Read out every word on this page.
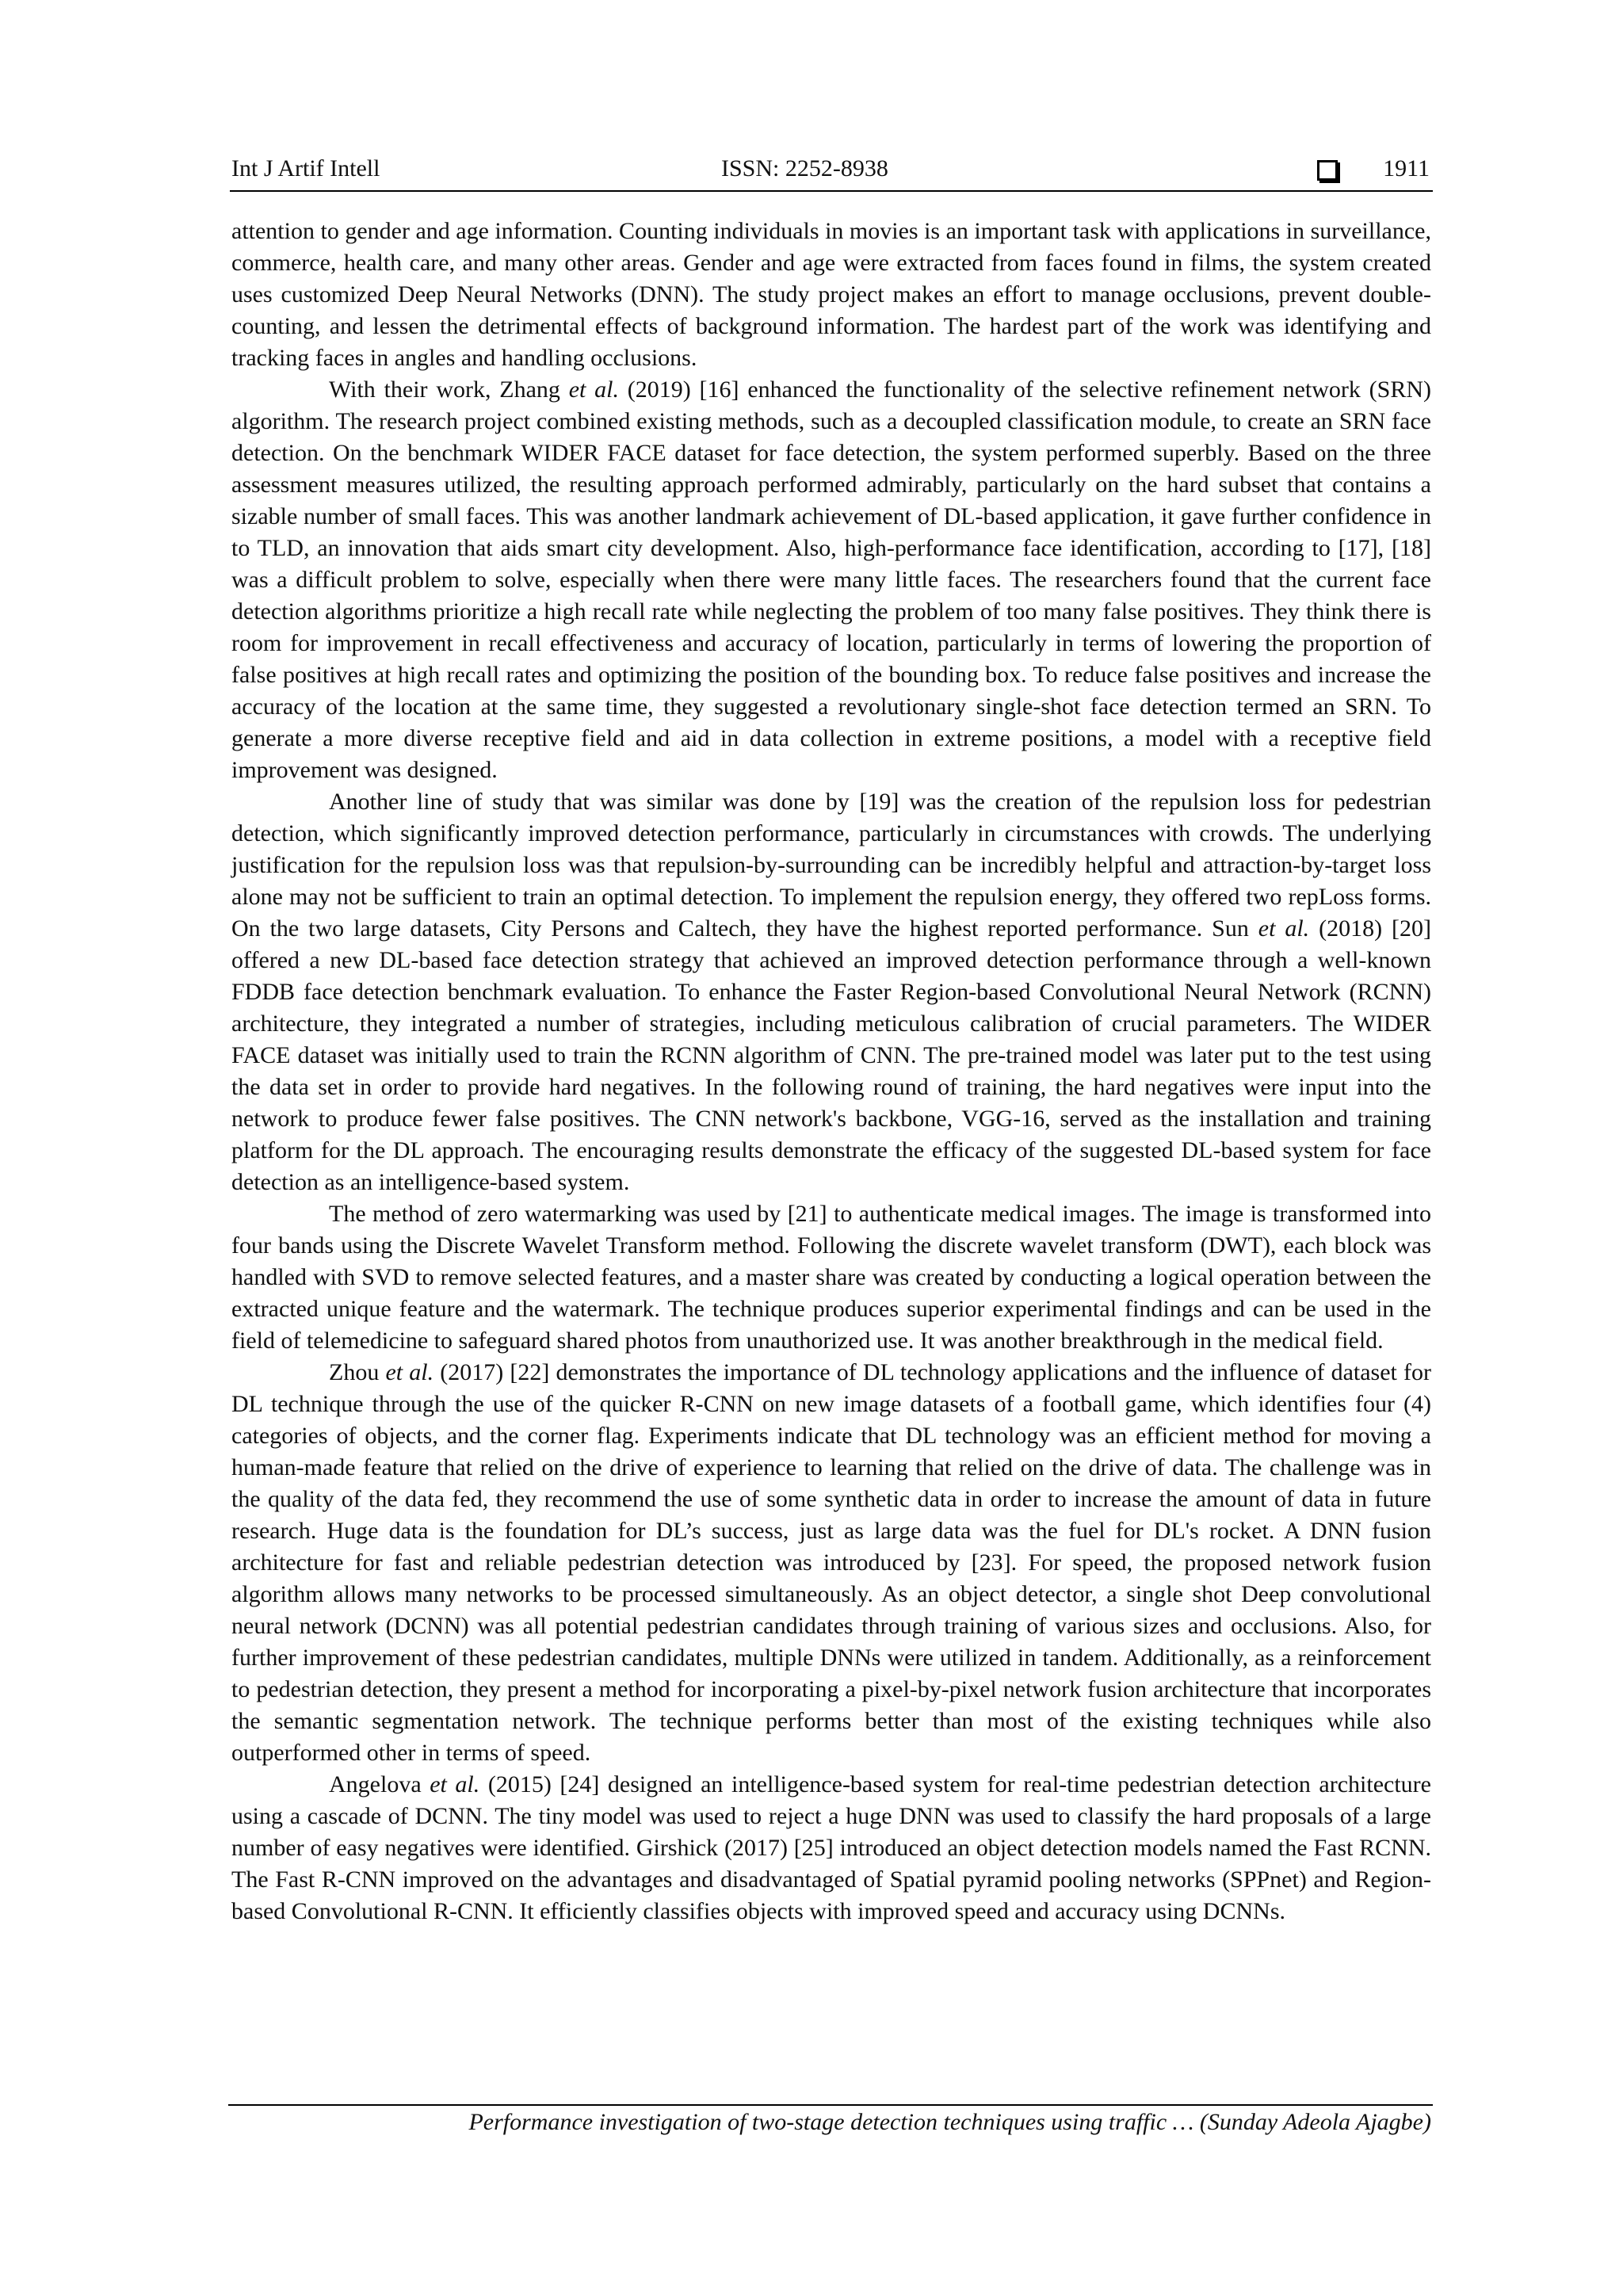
Int J Artif Intell	ISSN: 2252-8938	1911

attention to gender and age information. Counting individuals in movies is an important task with applications in surveillance, commerce, health care, and many other areas. Gender and age were extracted from faces found in films, the system created uses customized Deep Neural Networks (DNN). The study project makes an effort to manage occlusions, prevent double-counting, and lessen the detrimental effects of background information. The hardest part of the work was identifying and tracking faces in angles and handling occlusions.

With their work, Zhang et al. (2019) [16] enhanced the functionality of the selective refinement network (SRN) algorithm. The research project combined existing methods, such as a decoupled classification module, to create an SRN face detection. On the benchmark WIDER FACE dataset for face detection, the system performed superbly. Based on the three assessment measures utilized, the resulting approach performed admirably, particularly on the hard subset that contains a sizable number of small faces. This was another landmark achievement of DL-based application, it gave further confidence in to TLD, an innovation that aids smart city development. Also, high-performance face identification, according to [17], [18] was a difficult problem to solve, especially when there were many little faces. The researchers found that the current face detection algorithms prioritize a high recall rate while neglecting the problem of too many false positives. They think there is room for improvement in recall effectiveness and accuracy of location, particularly in terms of lowering the proportion of false positives at high recall rates and optimizing the position of the bounding box. To reduce false positives and increase the accuracy of the location at the same time, they suggested a revolutionary single-shot face detection termed an SRN. To generate a more diverse receptive field and aid in data collection in extreme positions, a model with a receptive field improvement was designed.

Another line of study that was similar was done by [19] was the creation of the repulsion loss for pedestrian detection, which significantly improved detection performance, particularly in circumstances with crowds. The underlying justification for the repulsion loss was that repulsion-by-surrounding can be incredibly helpful and attraction-by-target loss alone may not be sufficient to train an optimal detection. To implement the repulsion energy, they offered two repLoss forms. On the two large datasets, City Persons and Caltech, they have the highest reported performance. Sun et al. (2018) [20] offered a new DL-based face detection strategy that achieved an improved detection performance through a well-known FDDB face detection benchmark evaluation. To enhance the Faster Region-based Convolutional Neural Network (RCNN) architecture, they integrated a number of strategies, including meticulous calibration of crucial parameters. The WIDER FACE dataset was initially used to train the RCNN algorithm of CNN. The pre-trained model was later put to the test using the data set in order to provide hard negatives. In the following round of training, the hard negatives were input into the network to produce fewer false positives. The CNN network's backbone, VGG-16, served as the installation and training platform for the DL approach. The encouraging results demonstrate the efficacy of the suggested DL-based system for face detection as an intelligence-based system.

The method of zero watermarking was used by [21] to authenticate medical images. The image is transformed into four bands using the Discrete Wavelet Transform method. Following the discrete wavelet transform (DWT), each block was handled with SVD to remove selected features, and a master share was created by conducting a logical operation between the extracted unique feature and the watermark. The technique produces superior experimental findings and can be used in the field of telemedicine to safeguard shared photos from unauthorized use. It was another breakthrough in the medical field.

Zhou et al. (2017) [22] demonstrates the importance of DL technology applications and the influence of dataset for DL technique through the use of the quicker R-CNN on new image datasets of a football game, which identifies four (4) categories of objects, and the corner flag. Experiments indicate that DL technology was an efficient method for moving a human-made feature that relied on the drive of experience to learning that relied on the drive of data. The challenge was in the quality of the data fed, they recommend the use of some synthetic data in order to increase the amount of data in future research. Huge data is the foundation for DL’s success, just as large data was the fuel for DL's rocket. A DNN fusion architecture for fast and reliable pedestrian detection was introduced by [23]. For speed, the proposed network fusion algorithm allows many networks to be processed simultaneously. As an object detector, a single shot Deep convolutional neural network (DCNN) was all potential pedestrian candidates through training of various sizes and occlusions. Also, for further improvement of these pedestrian candidates, multiple DNNs were utilized in tandem. Additionally, as a reinforcement to pedestrian detection, they present a method for incorporating a pixel-by-pixel network fusion architecture that incorporates the semantic segmentation network. The technique performs better than most of the existing techniques while also outperformed other in terms of speed.

Angelova et al. (2015) [24] designed an intelligence-based system for real-time pedestrian detection architecture using a cascade of DCNN. The tiny model was used to reject a huge DNN was used to classify the hard proposals of a large number of easy negatives were identified. Girshick (2017) [25] introduced an object detection models named the Fast RCNN. The Fast R-CNN improved on the advantages and disadvantaged of Spatial pyramid pooling networks (SPPnet) and Region-based Convolutional R-CNN. It efficiently classifies objects with improved speed and accuracy using DCNNs.

Performance investigation of two-stage detection techniques using traffic … (Sunday Adeola Ajagbe)
